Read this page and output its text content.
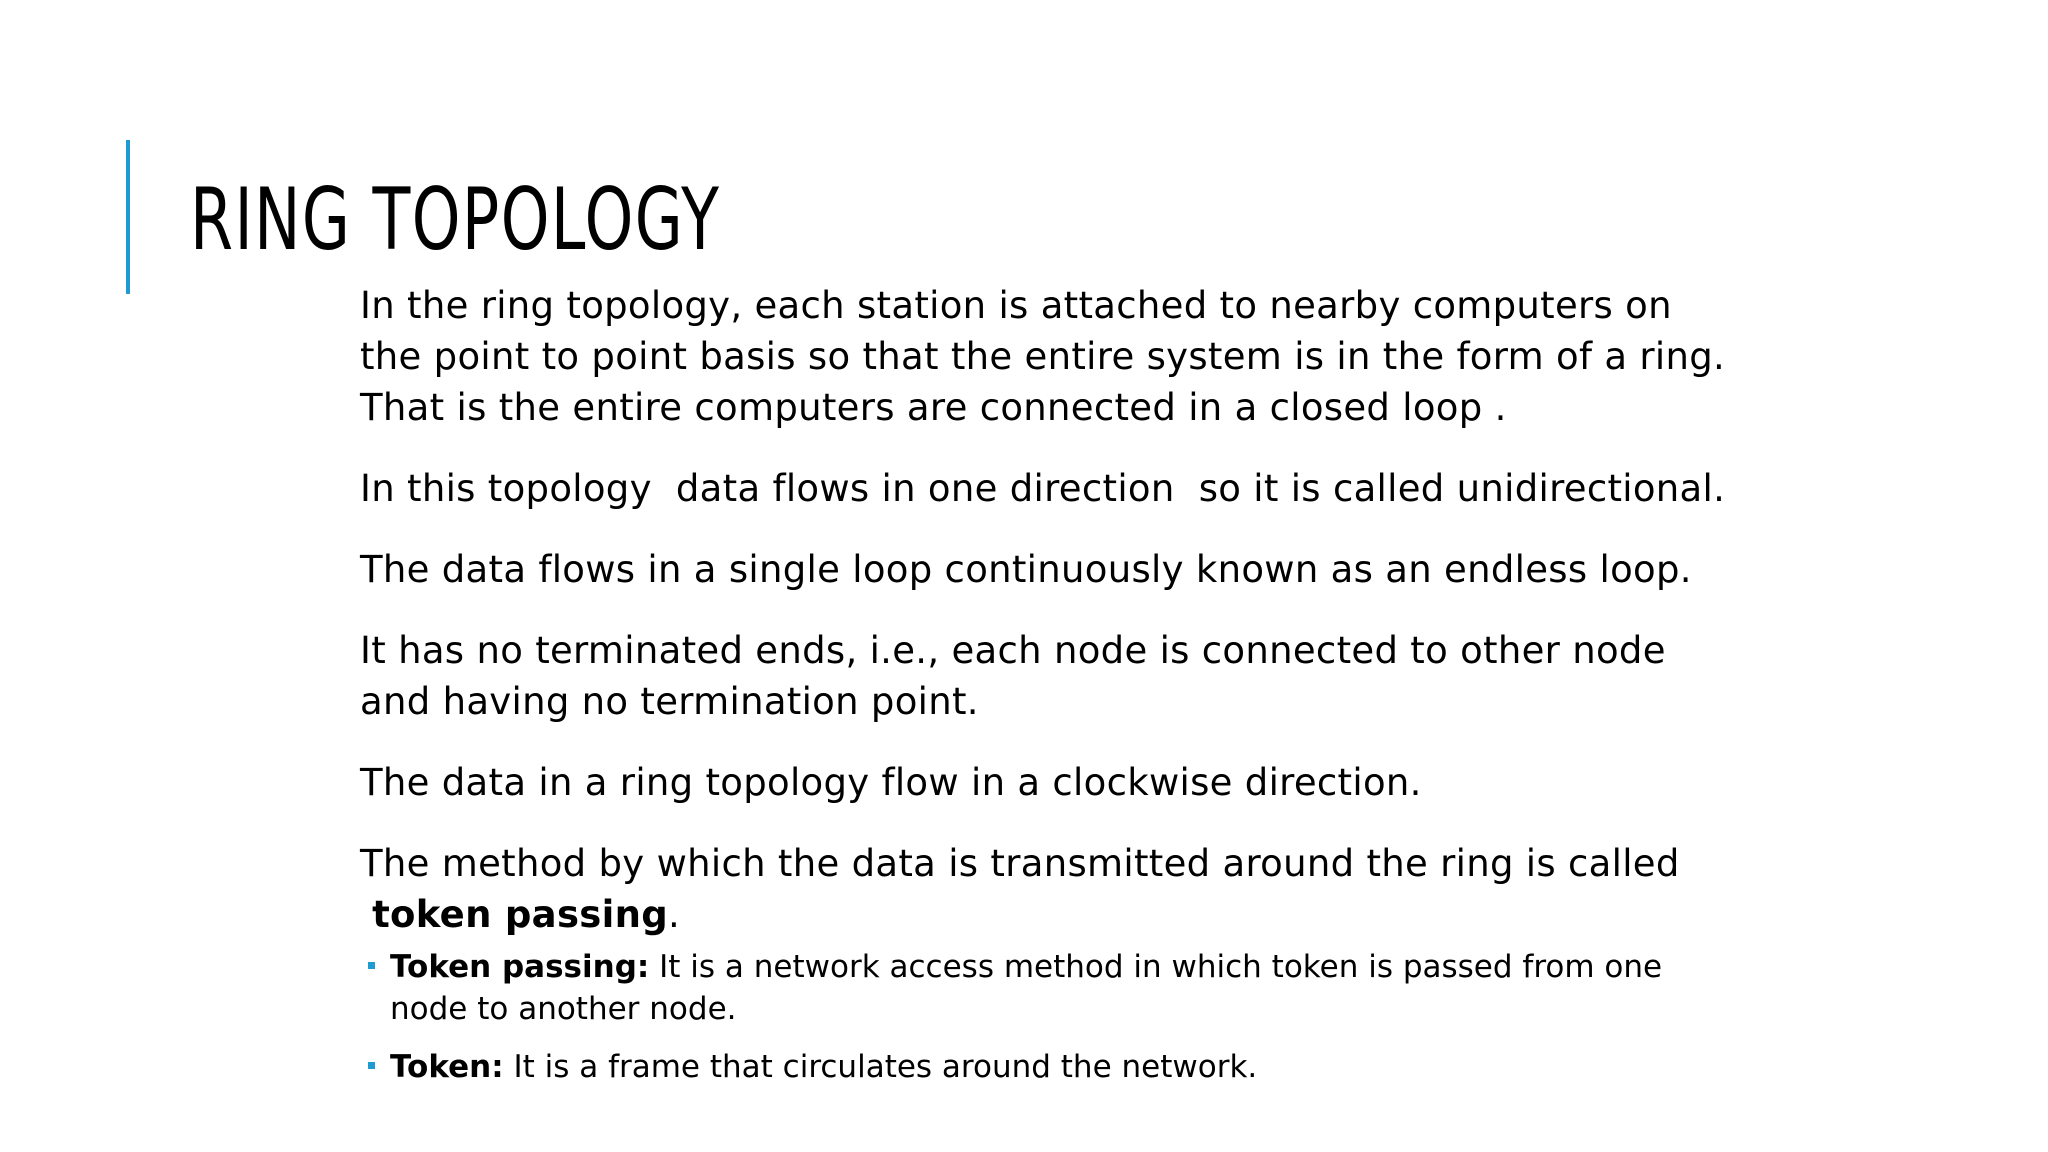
RING TOPOLOGY

In the ring topology, each station is attached to nearby computers on the point to point basis so that the entire system is in the form of a ring. That is the entire computers are connected in a closed loop .

In this topology  data flows in one direction  so it is called unidirectional.

The data flows in a single loop continuously known as an endless loop.

It has no terminated ends, i.e., each node is connected to other node and having no termination point.

The data in a ring topology flow in a clockwise direction.

The method by which the data is transmitted around the ring is called
token passing.

Token passing: It is a network access method in which token is passed from one node to another node.
Token: It is a frame that circulates around the network.
